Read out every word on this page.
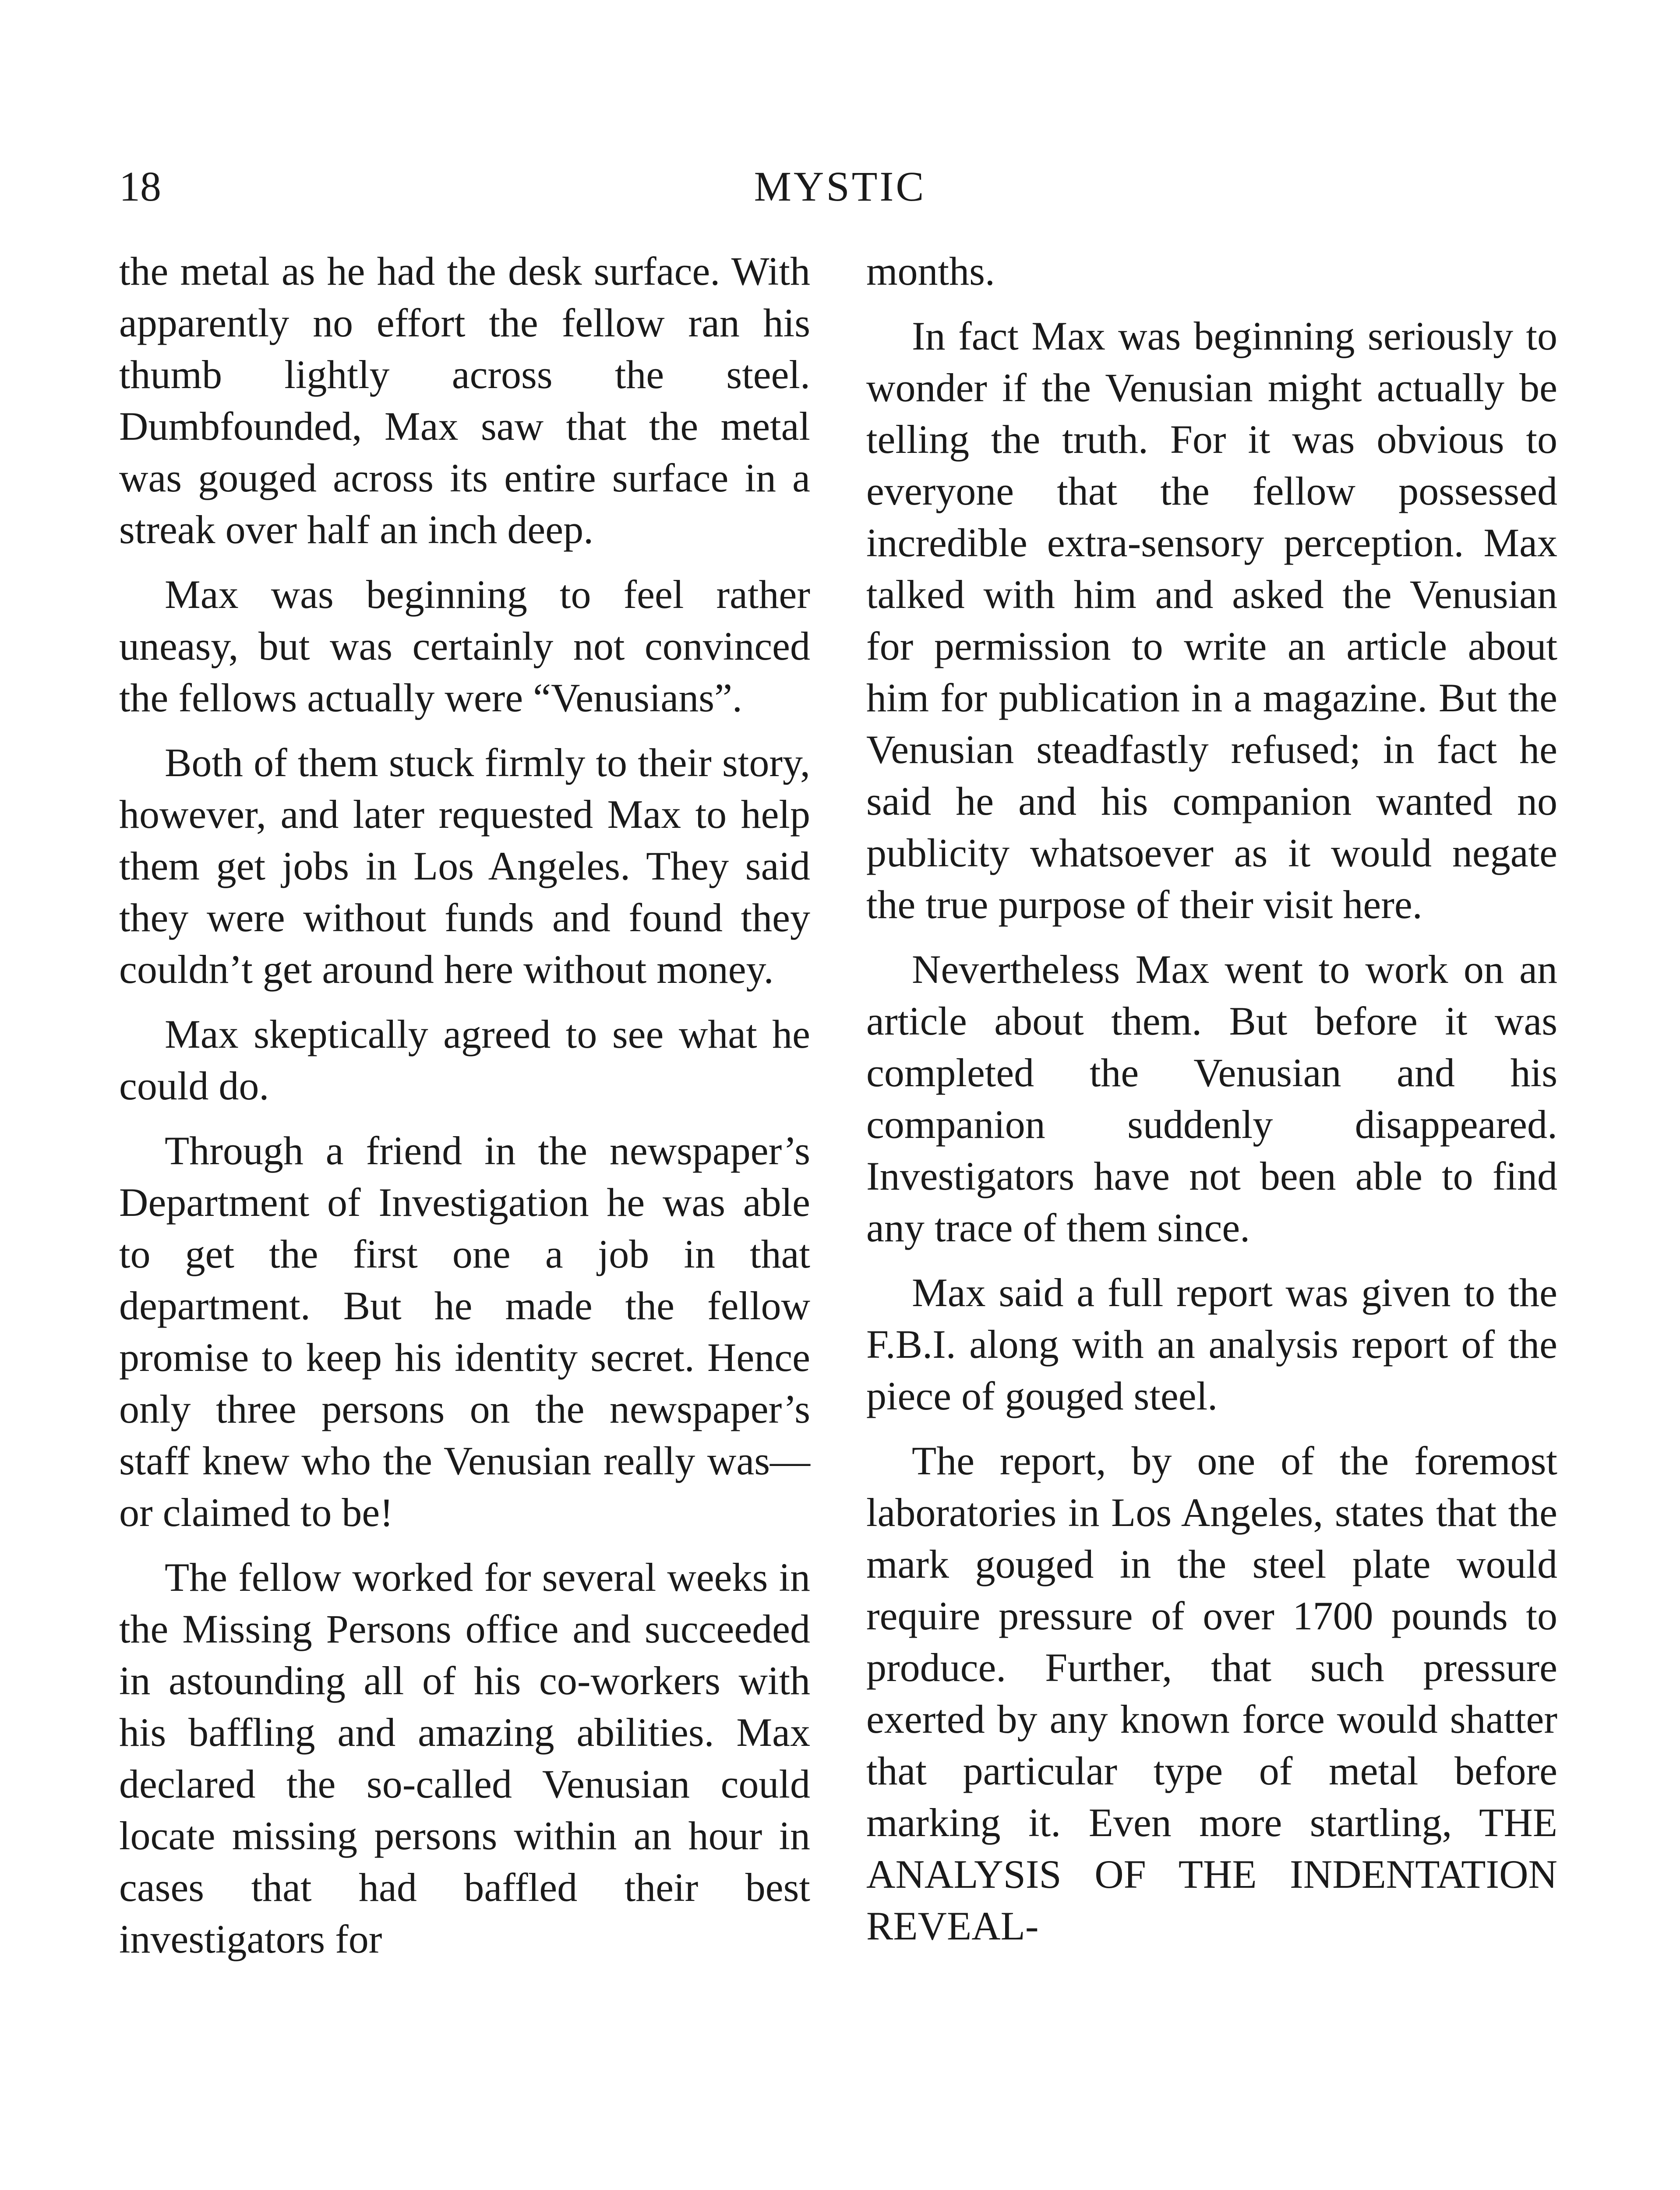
18	MYSTIC

the metal as he had the desk surface. With apparently no effort the fellow ran his thumb lightly across the steel. Dumbfounded, Max saw that the metal was gouged across its entire surface in a streak over half an inch deep.

Max was beginning to feel rather uneasy, but was certainly not convinced the fellows actually were “Venusians”.

Both of them stuck firmly to their story, however, and later requested Max to help them get jobs in Los Angeles. They said they were without funds and found they couldn’t get around here without money.

Max skeptically agreed to see what he could do.

Through a friend in the newspaper’s Department of Investigation he was able to get the first one a job in that department. But he made the fellow promise to keep his identity secret. Hence only three persons on the newspaper’s staff knew who the Venusian really was—or claimed to be!

The fellow worked for several weeks in the Missing Persons office and succeeded in astounding all of his co-workers with his baffling and amazing abilities. Max declared the so-called Venusian could locate missing persons within an hour in cases that had baffled their best investigators for

months.

In fact Max was beginning seriously to wonder if the Venusian might actually be telling the truth. For it was obvious to everyone that the fellow possessed incredible extra-sensory perception. Max talked with him and asked the Venusian for permission to write an article about him for publication in a magazine. But the Venusian steadfastly refused; in fact he said he and his companion wanted no publicity whatsoever as it would negate the true purpose of their visit here.

Nevertheless Max went to work on an article about them. But before it was completed the Venusian and his companion suddenly disappeared. Investigators have not been able to find any trace of them since.

Max said a full report was given to the F.B.I. along with an analysis report of the piece of gouged steel.

The report, by one of the foremost laboratories in Los Angeles, states that the mark gouged in the steel plate would require pressure of over 1700 pounds to produce. Further, that such pressure exerted by any known force would shatter that particular type of metal before marking it. Even more startling, THE ANALYSIS OF THE INDENTATION REVEAL-
